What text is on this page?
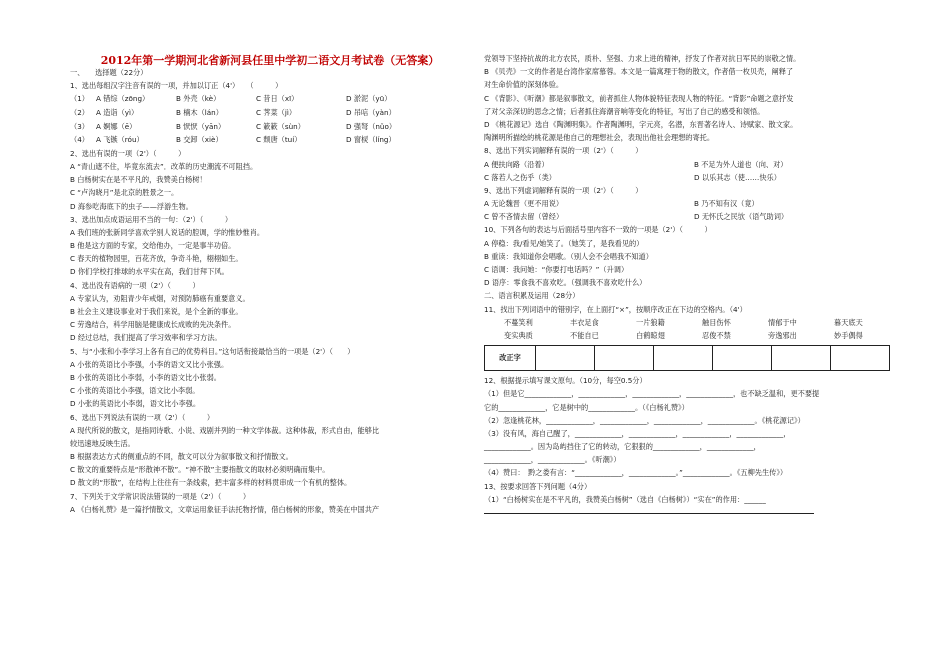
2012年第一学期河北省新河县任里中学初二语文月考试卷（无答案）
一、　　选择题（22分）
1、选出每组汉字注音有误的一项，并加以订正（4'）　　（　　　）
（1） A 错综（zōng）	B 外壳（kè）	C 昔日（xī）	D 淤泥（yū）
（2） A 造诣（yì）	B 楠木（lán）	C 荠菜（jì）	D 吊唁（yàn）
（3） A 婀娜（ē）	B 恹恹（yān）	C 簌簌（sùn）	D 强弩（nǔo）
（4） A 飞镞（róu）	B 交卸（xiè）	C 颓唐（tuí）	D 窗棂（líng）
2、选出有误的一项（2'）（　　　）
A “青山遮不住，毕竟东流去”．改革的历史潮流不可阻挡。
B 白杨树实在是不平凡的，我赞美白杨树！
C “卢沟晓月”是北京的胜景之一。
D 海参吃海底下的虫子——浮游生物。
3、选出加点成语运用不当的一句：（2'）（　　　）
A 我们班的张新同学喜欢学别人说话的腔调，学的惟妙惟肖。
B 他是这方面的专家，交给他办，一定是事半功倍。
C 春天的植物园里，百花齐放，争奇斗艳，栩栩如生。
D 你们学校打排球的水平实在高，我们甘拜下风。
4、选出没有语病的一项（2'）（　　　）
A 专家认为，劝阻青少年戒烟，对预防肺癌有重要意义。
B 社会主义建设事业对于我们来说，是个全新的事业。
C 劳逸结合，科学用脑是健康成长成败的先决条件。
D 经过总结，我们提高了学习效率和学习方法。
5、与“小张和小李学习上各有自己的优势科目。”这句话衔接最恰当的一项是（2'）（　　）
A 小张的英语比小李强，小李的语文又比小张强。
B 小张的英语比小李弱，小李的语文比小张弱。
C 小张的英语比小李强，语文比小李弱。
D 小张的英语比小李弱，语文比小李强。
6、选出下列说法有误的一项（2'）（　　　）
A 现代所说的散文，是指同诗歌、小说、戏剧并列的一种文学体裁。这种体裁，形式自由，能够比
较迅速地反映生活。
B 根据表达方式的侧重点的不同，散文可以分为叙事散文和抒情散文。
C 散文的重要特点是“形散神不散”。“神不散”主要指散文的取材必须明确而集中。
D 散文的“形散”，在结构上往往有一条线索，把丰富多样的材料贯串成一个有机的整体。
7、下列关于文学常识说法错误的一项是（2'）（　　　）
A 《白杨礼赞》是一篇抒情散文，文章运用象征手法托物抒情，借白杨树的形象，赞美在中国共产
党领导下坚持抗战的北方农民，质朴、坚强、力求上进的精神，抒发了作者对抗日军民的崇敬之情。
B 《贝壳》一文的作者是台湾作家席慕蓉。本文是一篇寓理于物的散文，作者借一枚贝壳，阐释了
对生命价值的深刻体验。
C 《背影》、《听潮》都是叙事散文，前者抓住人物体貌特征表现人物的特征。“背影”命题之意抒发
了对父亲深切的思念之情；后者抓住海潮音响等变化的特征，写出了自己的感受和领悟。
D 《桃花源记》选自《陶渊明集》。作者陶渊明，字元亮，名潜，东晋著名诗人、诗赋家、散文家。
陶渊明所描绘的桃花源是他自己的理想社会，表现出他社会理想的寄托。
8、选出下列实词解释有误的一项（2'）（　　　）
A 便扶向路（沿着）	B 不足为外人道也（向、对）
C 落若人之伤乎（类）	D 以乐其志（使……快乐）
9、选出下列虚词解释有误的一项（2'）（　　　）
A 无论魏晋（更不用说）	B 乃不知有汉（竟）
C 曾不吝情去留（曾经）	D 无怀氏之民欤（语气助词）
10、下列各句的表达与后面括号里内容不一致的一项是（2'）（　　　）
A 停稳：我/看见/她笑了。（她笑了，是我看见的）
B 重读：我知道你会唱歌。（别人会不会唱我不知道）
C 语调：我问她：“你要打电话吗？”（升调）
D 语序：零食我不喜欢吃。（强调我不喜欢吃什么）
二、语言积累及运用（28分）
11、找出下列词语中的错别字，在上面打“×”，按顺序改正在下边的空格内。（4'）
不蔓笑利	丰衣足食	一片狼籍	触目伤怀	情郁于中	暮天底天
变实典质	不能自已	白鹤晾翅	忍俊不禁	旁逸邪出	妙手偶得
改正字						
12、根据提示填写课文原句。（10分，每空0.5分）
（1）但是它_____________，_____________，_____________，_____________，也不缺乏温和，更不要提
它的_____________，它是树中的_____________。（《白杨礼赞》）
（2）忽逢桃花林，_____________，_____________，_____________，_____________。《桃花源记》）
（3）没有风，海自己醒了，_____________，_____________，_____________，_____________，
_____________。因为岛屿挡住了它的转动，它狠狠的_____________，_____________，
_____________，_____________。《听潮》）
（4）赞曰：　黔之娄有言：“_____________，_____________。”_____________。《五柳先生传》）
13、按要求回答下列问题（4分）
（1）“白杨树实在是不平凡的，我赞美白杨树”（选自《白杨树》）“实在”的作用：______
